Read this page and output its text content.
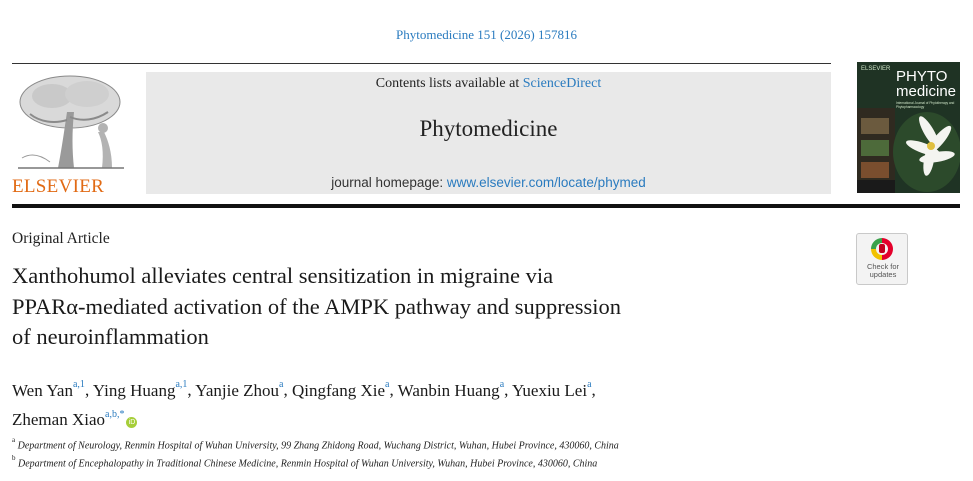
Phytomedicine 151 (2026) 157816
ELSEVIER
Contents lists available at ScienceDirect
Phytomedicine
journal homepage: www.elsevier.com/locate/phymed
ELSEVIER PHYTO
medicine
International Journal of Phytotherapy and Phytopharmacology
Original Article
Check for
updates
Xanthohumol alleviates central sensitization in migraine via
PPARα-mediated activation of the AMPK pathway and suppression
of neuroinflammation
Wen Yan$^{a,1}$, Ying Huang$^{a,1}$, Yanjie Zhou$^a$, Qingfang Xie$^a$, Wanbin Huang$^a$, Yuexiu Lei$^a$,
Zheman Xiao$^{a,b,*}$iD
$^a$ Department of Neurology, Renmin Hospital of Wuhan University, 99 Zhang Zhidong Road, Wuchang District, Wuhan, Hubei Province, 430060, China
$^b$ Department of Encephalopathy in Traditional Chinese Medicine, Renmin Hospital of Wuhan University, Wuhan, Hubei Province, 430060, China
